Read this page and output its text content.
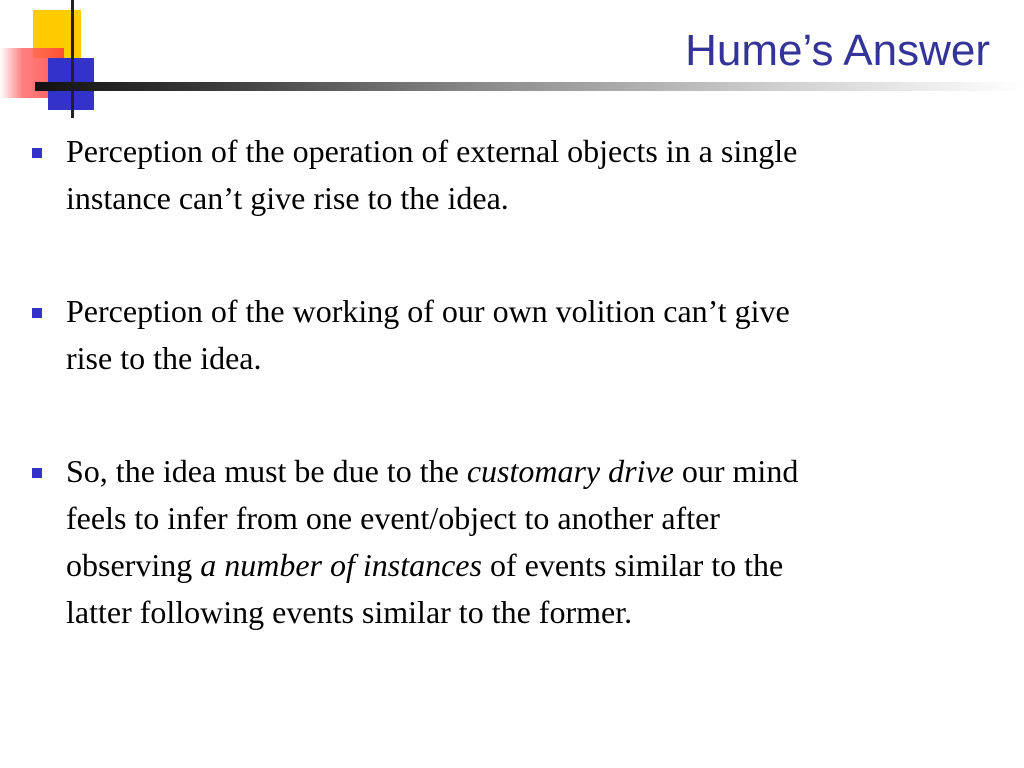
Hume’s Answer
Perception of the operation of external objects in a single
instance can’t give rise to the idea.
Perception of the working of our own volition can’t give
rise to the idea.
So, the idea must be due to the customary drive our mind
feels to infer from one event/object to another after
observing a number of instances of events similar to the
latter following events similar to the former.
